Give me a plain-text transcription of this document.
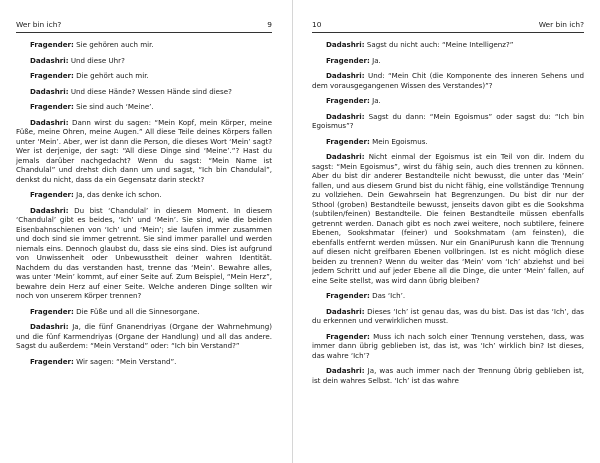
Wer bin ich?	9

Fragender: Sie gehören auch mir.

Dadashri: Und diese Uhr?

Fragender: Die gehört auch mir.

Dadashri: Und diese Hände? Wessen Hände sind diese?

Fragender: Sie sind auch ‘Meine’.

Dadashri: Dann wirst du sagen: “Mein Kopf, mein Körper, meine Füße, meine Ohren, meine Augen.” All diese Teile deines Körpers fallen unter ‘Mein’. Aber, wer ist dann die Person, die dieses Wort ‘Mein’ sagt? Wer ist derjenige, der sagt: “All diese Dinge sind ‘Meine’.”? Hast du jemals darüber nachgedacht? Wenn du sagst: “Mein Name ist Chandulal” und drehst dich dann um und sagst, “Ich bin Chandulal”, denkst du nicht, dass da ein Gegensatz darin steckt?

Fragender: Ja, das denke ich schon.

Dadashri: Du bist ‘Chandulal’ in diesem Moment. In diesem ‘Chandulal’ gibt es beides, ‘Ich’ und ‘Mein’. Sie sind, wie die beiden Eisenbahnschienen von ‘Ich’ und ‘Mein’; sie laufen immer zusammen und doch sind sie immer getrennt. Sie sind immer parallel und werden niemals eins. Dennoch glaubst du, dass sie eins sind. Dies ist aufgrund von Unwissenheit oder Unbewusstheit deiner wahren Identität. Nachdem du das verstanden hast, trenne das ‘Mein’. Bewahre alles, was unter ‘Mein’ kommt, auf einer Seite auf. Zum Beispiel, “Mein Herz”, bewahre dein Herz auf einer Seite. Welche anderen Dinge sollten wir noch von unserem Körper trennen?

Fragender: Die Füße und all die Sinnesorgane.

Dadashri: Ja, die fünf Gnanendriyas (Organe der Wahrnehmung) und die fünf Karmendriyas (Organe der Handlung) und all das andere. Sagst du außerdem: “Mein Verstand” oder: “Ich bin Verstand?”

Fragender: Wir sagen: “Mein Verstand”.

10	Wer bin ich?

Dadashri: Sagst du nicht auch: “Meine Intelligenz?”

Fragender: Ja.

Dadashri: Und: “Mein Chit (die Komponente des inneren Sehens und dem vorausgegangenen Wissen des Verstandes)”?

Fragender: Ja.

Dadashri: Sagst du dann: “Mein Egoismus” oder sagst du: “Ich bin Egoismus”?

Fragender: Mein Egoismus.

Dadashri: Nicht einmal der Egoismus ist ein Teil von dir. Indem du sagst: “Mein Egoismus”, wirst du fähig sein, auch dies trennen zu können. Aber du bist dir anderer Bestandteile nicht bewusst, die unter das ‘Mein’ fallen, und aus diesem Grund bist du nicht fähig, eine vollständige Trennung zu vollziehen. Dein Gewahrsein hat Begrenzungen. Du bist dir nur der Sthool (groben) Bestandteile bewusst, jenseits davon gibt es die Sookshma (subtilen/feinen) Bestandteile. Die feinen Bestandteile müssen ebenfalls getrennt werden. Danach gibt es noch zwei weitere, noch subtilere, feinere Ebenen, Sookshmatar (feiner) und Sookshmatam (am feinsten), die ebenfalls entfernt werden müssen. Nur ein GnaniPurush kann die Trennung auf diesen nicht greifbaren Ebenen vollbringen. Ist es nicht möglich diese beiden zu trennen? Wenn du weiter das ‘Mein’ vom ‘Ich’ abziehst und bei jedem Schritt und auf jeder Ebene all die Dinge, die unter ‘Mein’ fallen, auf eine Seite stellst, was wird dann übrig bleiben?

Fragender: Das ‘Ich’.

Dadashri: Dieses ‘Ich’ ist genau das, was du bist. Das ist das ‘Ich’, das du erkennen und verwirklichen musst.

Fragender: Muss ich nach solch einer Trennung verstehen, dass, was immer dann übrig geblieben ist, das ist, was ‘Ich’ wirklich bin? Ist dieses, das wahre ‘Ich’?

Dadashri: Ja, was auch immer nach der Trennung übrig geblieben ist, ist dein wahres Selbst. ‘Ich’ ist das wahre
